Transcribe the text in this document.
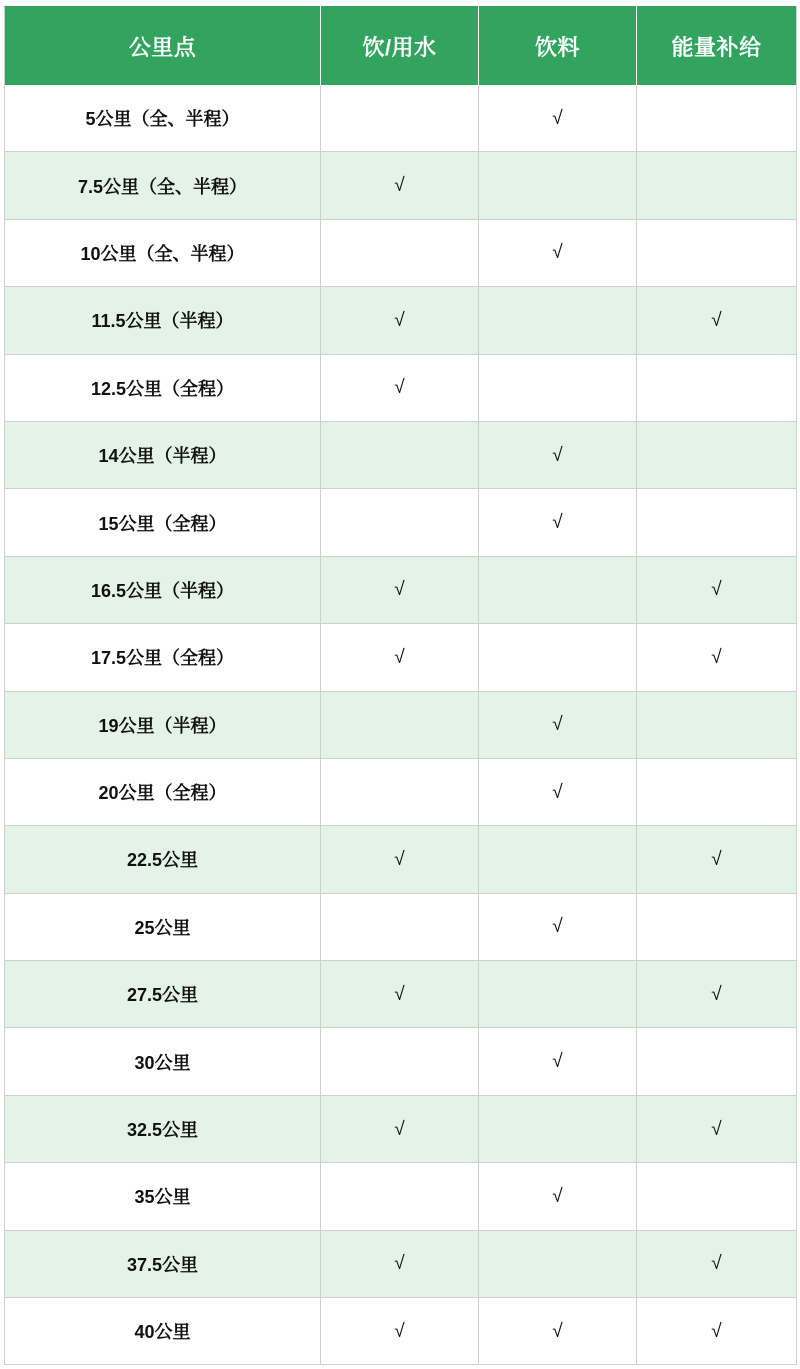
公里点	饮/用水	饮料	能量补给
5公里（全、半程）		√	
7.5公里（全、半程）	√		
10公里（全、半程）		√	
11.5公里（半程）	√		√
12.5公里（全程）	√		
14公里（半程）		√	
15公里（全程）		√	
16.5公里（半程）	√		√
17.5公里（全程）	√		√
19公里（半程）		√	
20公里（全程）		√	
22.5公里	√		√
25公里		√	
27.5公里	√		√
30公里		√	
32.5公里	√		√
35公里		√	
37.5公里	√		√
40公里	√	√	√
